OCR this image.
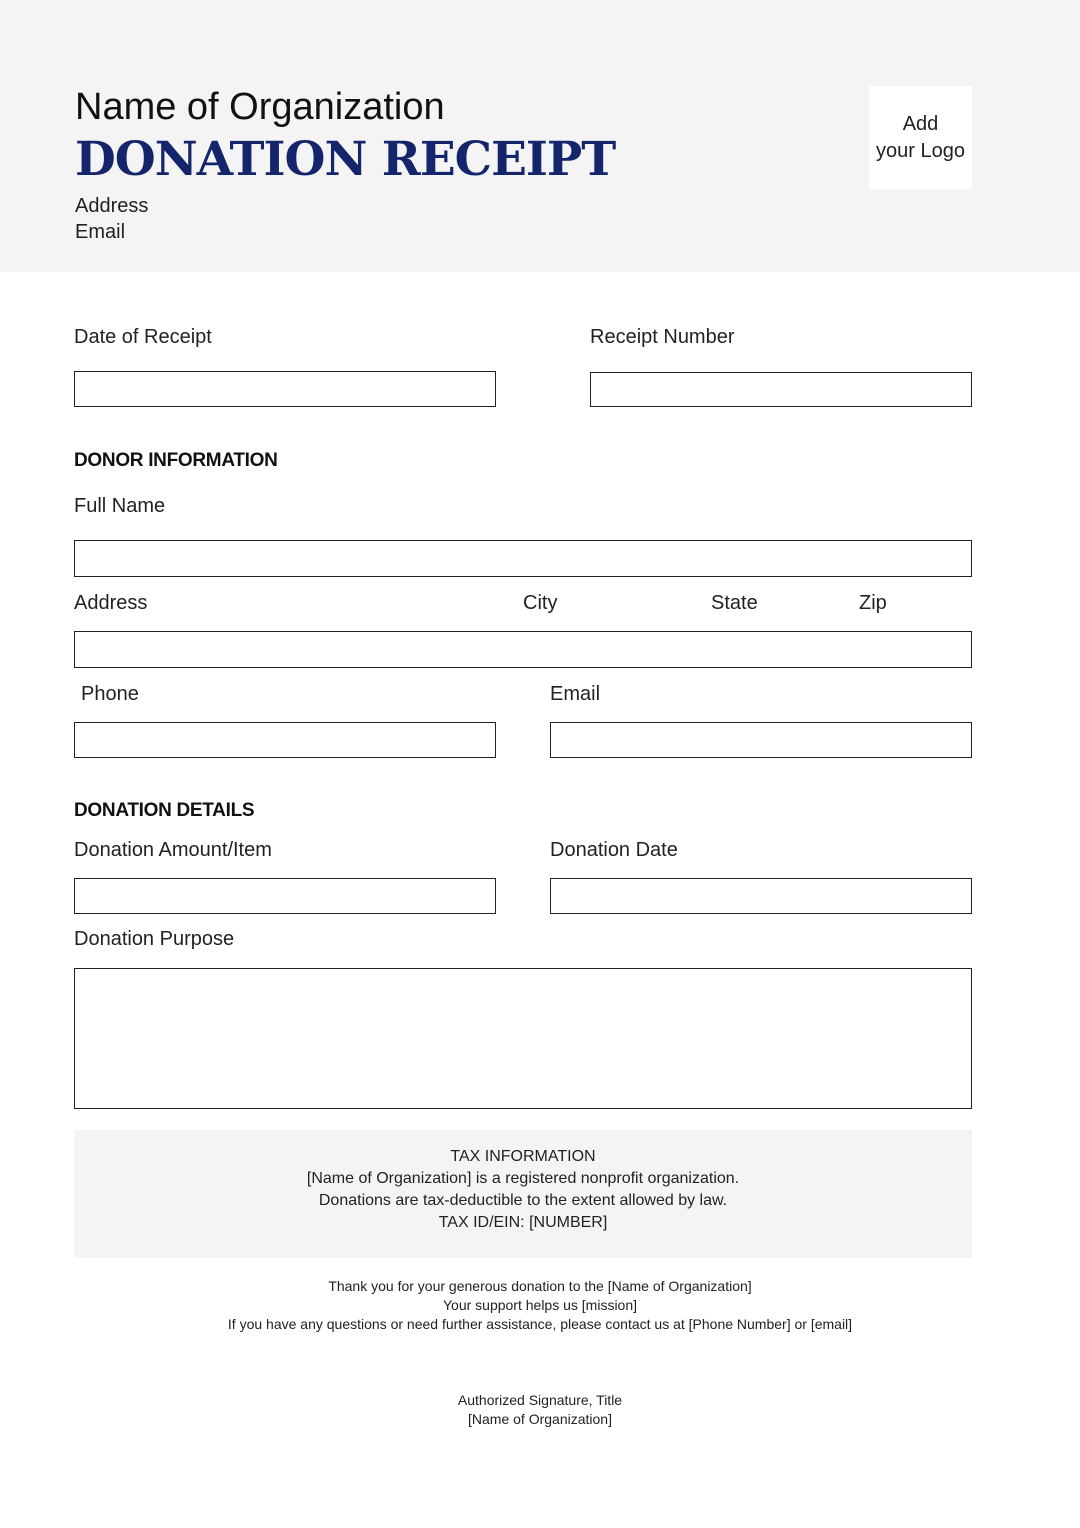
Name of Organization
DONATION RECEIPT
Address
Email
Add
your Logo
Date of Receipt	Receipt Number
DONOR INFORMATION
Full Name
Address	City	State	Zip
Phone	Email
DONATION DETAILS
Donation Amount/Item	Donation Date
Donation Purpose
TAX INFORMATION
[Name of Organization] is a registered nonprofit organization.
Donations are tax-deductible to the extent allowed by law.
TAX ID/EIN: [NUMBER]
Thank you for your generous donation to the [Name of Organization]
Your support helps us [mission]
If you have any questions or need further assistance, please contact us at [Phone Number] or [email]
Authorized Signature, Title
[Name of Organization]
